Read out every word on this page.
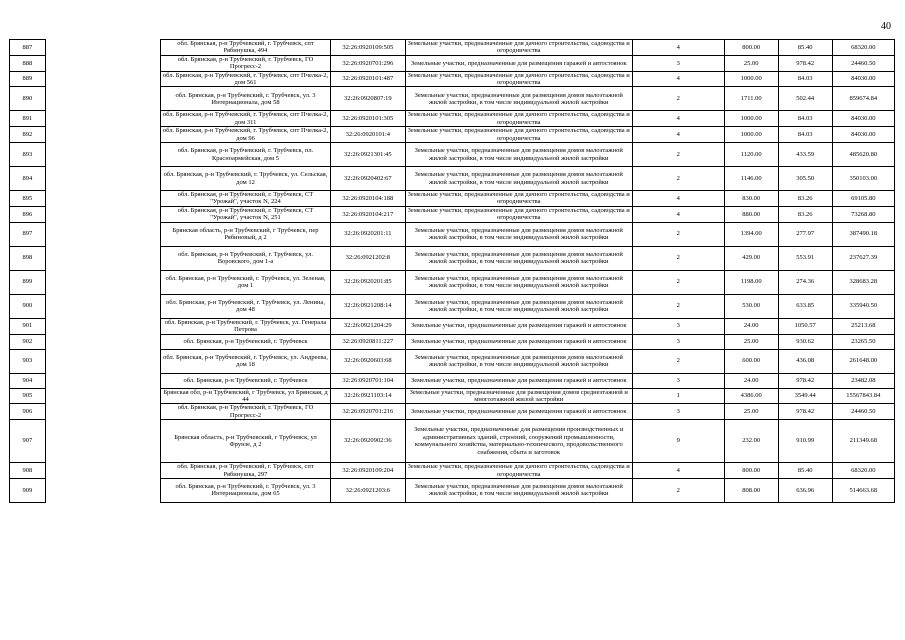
40
887		обл. Брянская, р-н Трубчевский, г. Трубчевск, спт Рябинушка, 494	32:26:0920109:505	Земельные участки, предназначенные для дачного строительства, садоводства и огородничества	4	800.00	85.40	68320.00
888		обл. Брянская, р-н Трубчевский, г. Трубчевск, ГО Прогресс-2	32:26:0920701:296	Земельные участки, предназначенные для размещения гаражей и автостоянок	3	25.00	978.42	24460.50
889		обл. Брянская, р-н Трубчевский, г. Трубчевск, спт Пчелка-2, дом 561	32:26:0920101:487	Земельные участки, предназначенные для дачного строительства, садоводства и огородничества	4	1000.00	84.03	84030.00
890		обл. Брянская, р-н Трубчевский, г. Трубчевск, ул. 3 Интернационала, дом 58	32:26:0920807:19	Земельные участки, предназначенные для размещения домов малоэтажной жилой застройки, в том числе индивидуальной жилой застройки	2	1711.00	502.44	859674.84
891		обл. Брянская, р-н Трубчевский, г. Трубчевск, спт Пчелка-2, дом 311	32:26:0920101:305	Земельные участки, предназначенные для дачного строительства, садоводства и огородничества	4	1000.00	84.03	84030.00
892		обл. Брянская, р-н Трубчевский, г. Трубчевск, спт Пчелка-2, дом 96	32:26:0920101:4	Земельные участки, предназначенные для дачного строительства, садоводства и огородничества	4	1000.00	84.03	84030.00
893		обл. Брянская, р-н Трубчевский, г. Трубчевск, пл. Красноармейская, дом 5	32:26:0921301:45	Земельные участки, предназначенные для размещения домов малоэтажной жилой застройки, в том числе индивидуальной жилой застройки	2	1120.00	433.59	485620.80
894		обл. Брянская, р-н Трубчевский, г. Трубчевск, ул. Сельская, дом 12	32:26:0920402:67	Земельные участки, предназначенные для размещения домов малоэтажной жилой застройки, в том числе индивидуальной жилой застройки	2	1146.00	305.50	350103.00
895		обл. Брянская, р-н Трубчевский, г. Трубчевск, СТ "Урожай", участок N, 224	32:26:0920104:188	Земельные участки, предназначенные для дачного строительства, садоводства и огородничества	4	830.00	83.26	69105.80
896		обл. Брянская, р-н Трубчевский, г. Трубчевск, СТ "Урожай", участок N, 251	32:26:0920104:217	Земельные участки, предназначенные для дачного строительства, садоводства и огородничества	4	880.00	83.26	73268.80
897		Брянская область, р-н Трубчевский, г Трубчевск, пер Рябиновый, д 2	32:26:0920201:11	Земельные участки, предназначенные для размещения домов малоэтажной жилой застройки, в том числе индивидуальной жилой застройки	2	1394.00	277.97	387490.18
898		обл. Брянская, р-н Трубчевский, г. Трубчевск, ул. Воровского, дом 1-а	32:26:0921202:8	Земельные участки, предназначенные для размещения домов малоэтажной жилой застройки, в том числе индивидуальной жилой застройки	2	429.00	553.91	237627.39
899		обл. Брянская, р-н Трубчевский, г. Трубчевск, ул. Зеленая, дом 1	32:26:0920201:85	Земельные участки, предназначенные для размещения домов малоэтажной жилой застройки, в том числе индивидуальной жилой застройки	2	1198.00	274.36	328683.28
900		обл. Брянская, р-н Трубчевский, г. Трубчевск, ул. Ленина, дом 48	32:26:0921208:14	Земельные участки, предназначенные для размещения домов малоэтажной жилой застройки, в том числе индивидуальной жилой застройки	2	530.00	633.85	335940.50
901		обл. Брянская, р-н Трубчевский, г. Трубчевск, ул. Генерала Петрова	32:26:0921204:29	Земельные участки, предназначенные для размещения гаражей и автостоянок	3	24.00	1050.57	25213.68
902		обл. Брянская, р-н Трубчевский, г. Трубчевск	32:26:0920811:227	Земельные участки, предназначенные для размещения гаражей и автостоянок	3	25.00	930.62	23265.50
903		обл. Брянская, р-н Трубчевский, г. Трубчевск, ул. Андреева, дом 18	32:26:0920603:68	Земельные участки, предназначенные для размещения домов малоэтажной жилой застройки, в том числе индивидуальной жилой застройки	2	600.00	436.08	261648.00
904		обл. Брянская, р-н Трубчевский, г. Трубчевск	32:26:0920701:104	Земельные участки, предназначенные для размещения гаражей и автостоянок	3	24.00	978.42	23482.08
905		Брянская обл, р-н Трубчевский, г Трубчевск, ул Брянская, д 44	32:26:0921103:14	Земельные участки, предназначенные для размещения домов среднеэтажной и многоэтажной жилой застройки	1	4386.00	3549.44	15567843.84
906		обл. Брянская, р-н Трубчевский, г. Трубчевск, ГО Прогресс-2	32:26:0920701:216	Земельные участки, предназначенные для размещения гаражей и автостоянок	3	25.00	978.42	24460.50
907		Брянская область, р-н Трубчевский, г Трубчевск, ул Фрунзе, д 2	32:26:0920902:36	Земельные участки, предназначенные для размещения производственных и административных зданий, строений, сооружений промышленности, коммунального хозяйства, материально-технического, продовольственного снабжения, сбыта и заготовок	9	232.00	910.99	211349.68
908		обл. Брянская, р-н Трубчевский, г. Трубчевск, спт Рябинушка, 297	32:26:0920109:204	Земельные участки, предназначенные для дачного строительства, садоводства и огородничества	4	800.00	85.40	68320.00
909		обл. Брянская, р-н Трубчевский, г. Трубчевск, ул. 3 Интернационала, дом 65	32:26:0921203:6	Земельные участки, предназначенные для размещения домов малоэтажной жилой застройки, в том числе индивидуальной жилой застройки	2	808.00	636.96	514663.68
